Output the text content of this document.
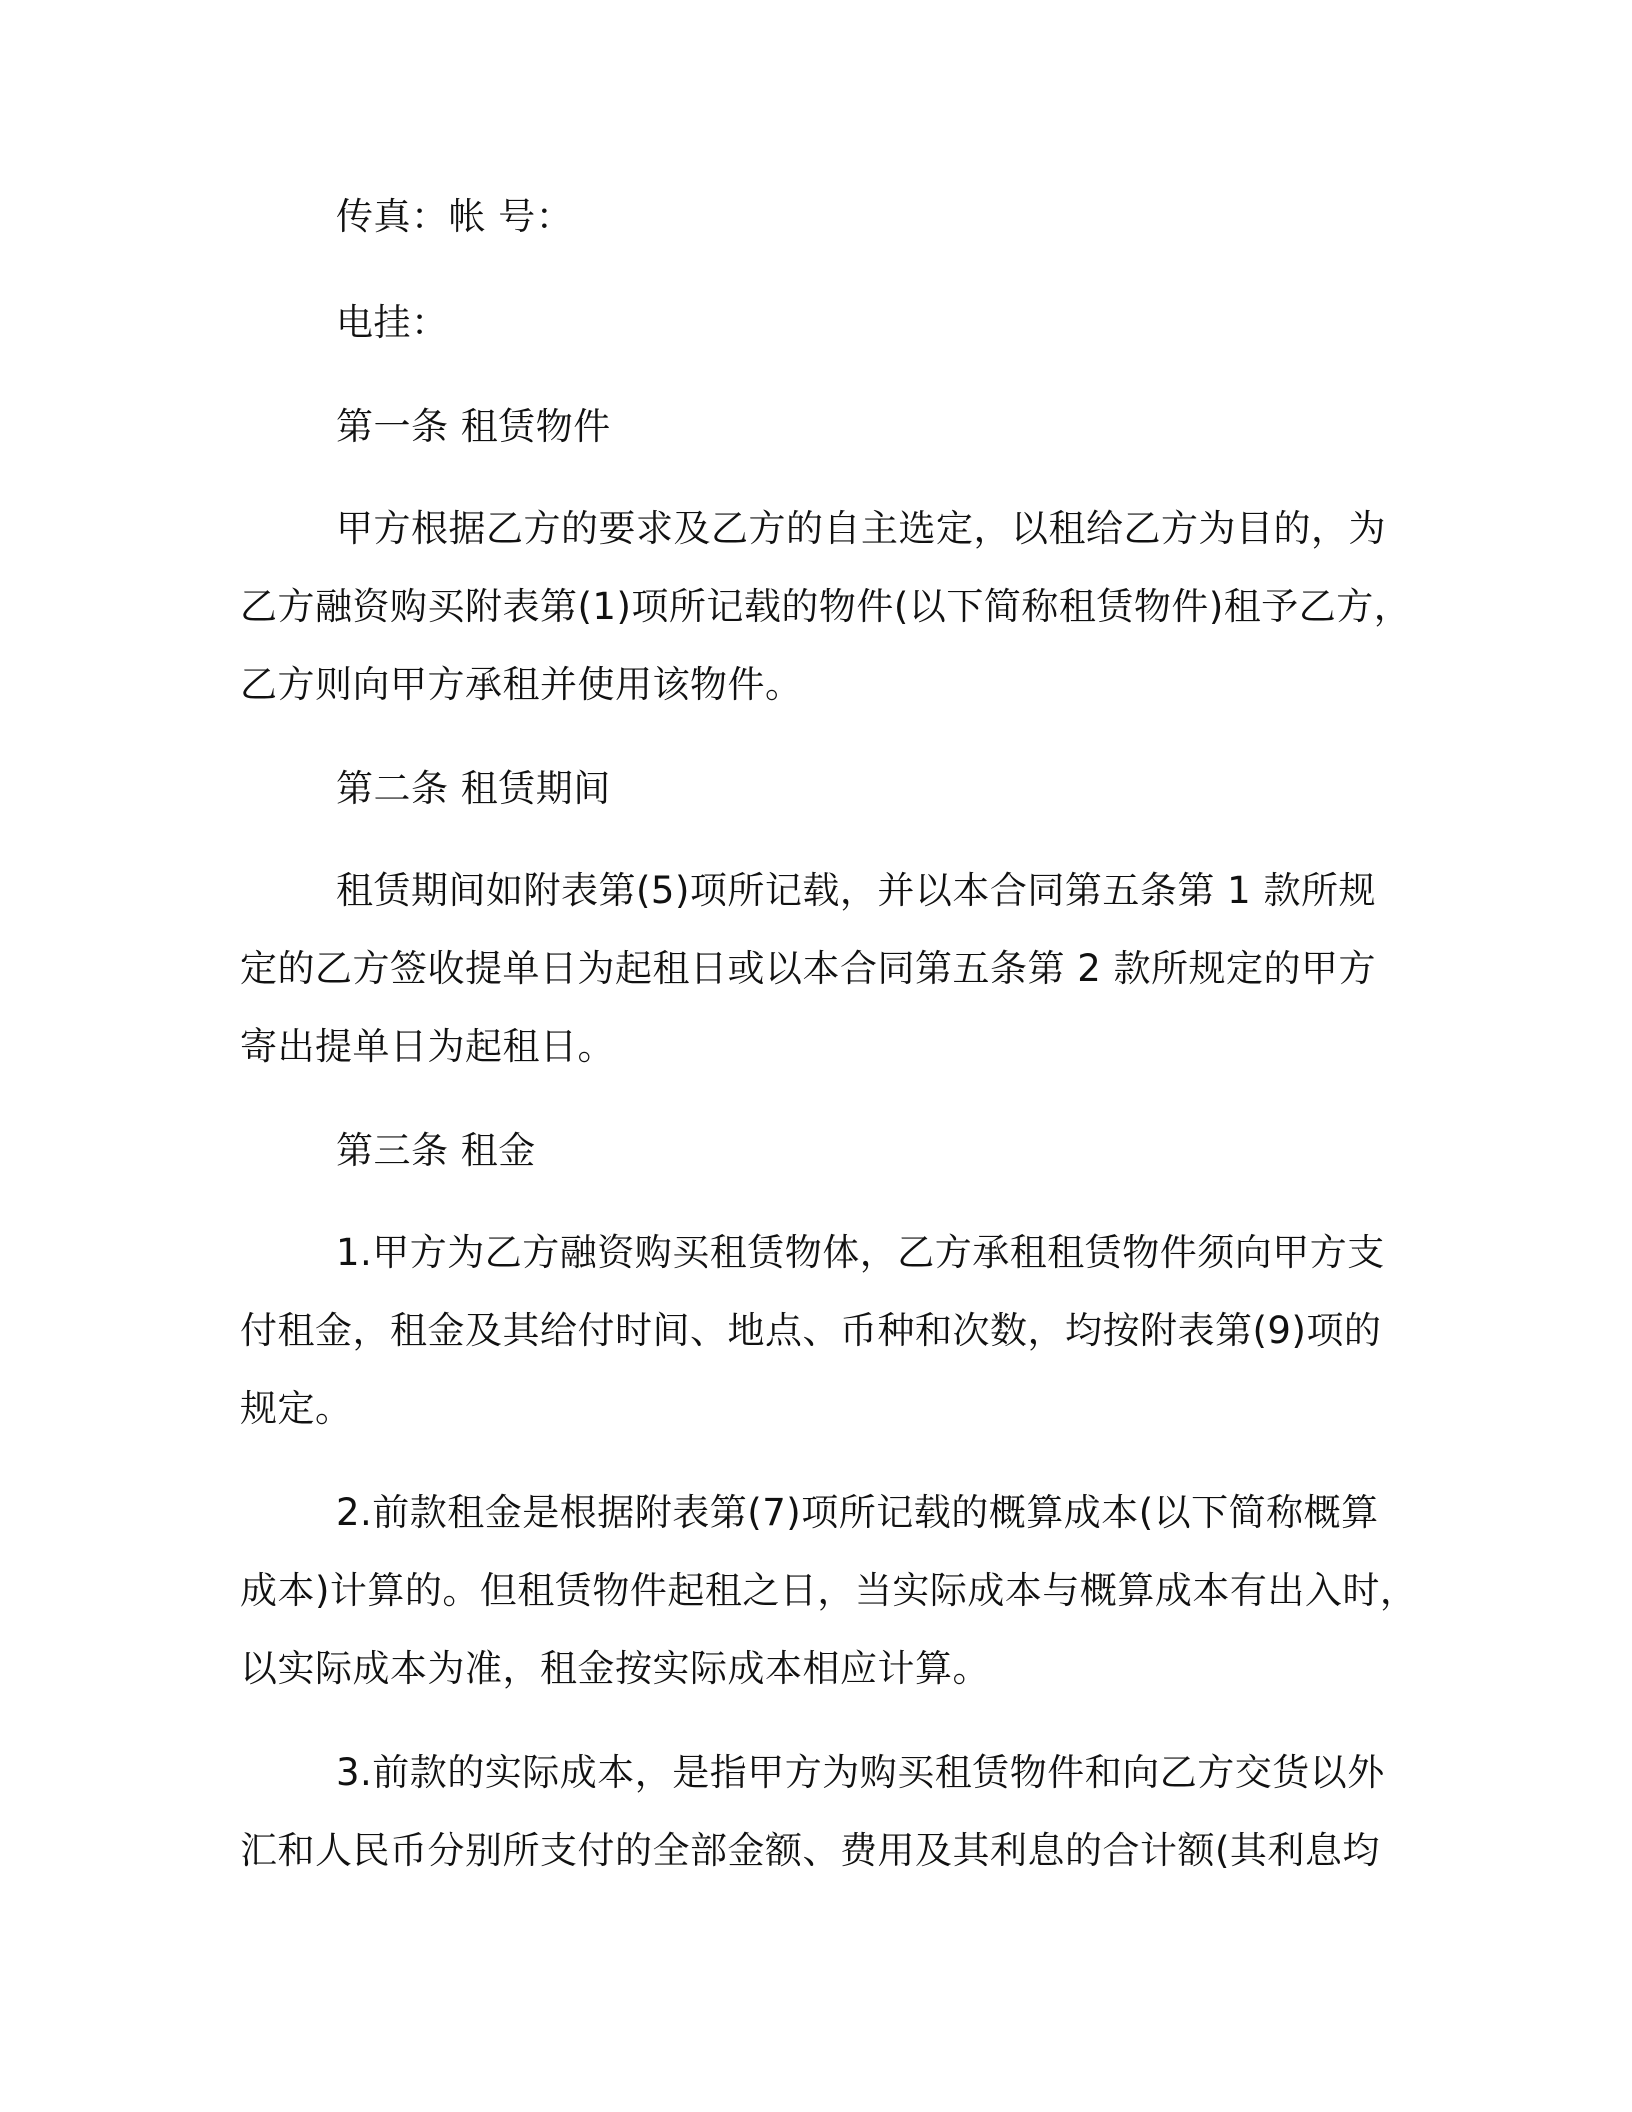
传真：帐 号：
电挂：
第一条 租赁物件
甲方根据乙方的要求及乙方的自主选定，以租给乙方为目的，为
乙方融资购买附表第(1)项所记载的物件(以下简称租赁物件)租予乙方，
乙方则向甲方承租并使用该物件。
第二条 租赁期间
租赁期间如附表第(5)项所记载，并以本合同第五条第 1 款所规
定的乙方签收提单日为起租日或以本合同第五条第 2 款所规定的甲方
寄出提单日为起租日。
第三条 租金
1.甲方为乙方融资购买租赁物体，乙方承租租赁物件须向甲方支
付租金，租金及其给付时间、地点、币种和次数，均按附表第(9)项的
规定。
2.前款租金是根据附表第(7)项所记载的概算成本(以下简称概算
成本)计算的。但租赁物件起租之日，当实际成本与概算成本有出入时，
以实际成本为准，租金按实际成本相应计算。
3.前款的实际成本，是指甲方为购买租赁物件和向乙方交货以外
汇和人民币分别所支付的全部金额、费用及其利息的合计额(其利息均
